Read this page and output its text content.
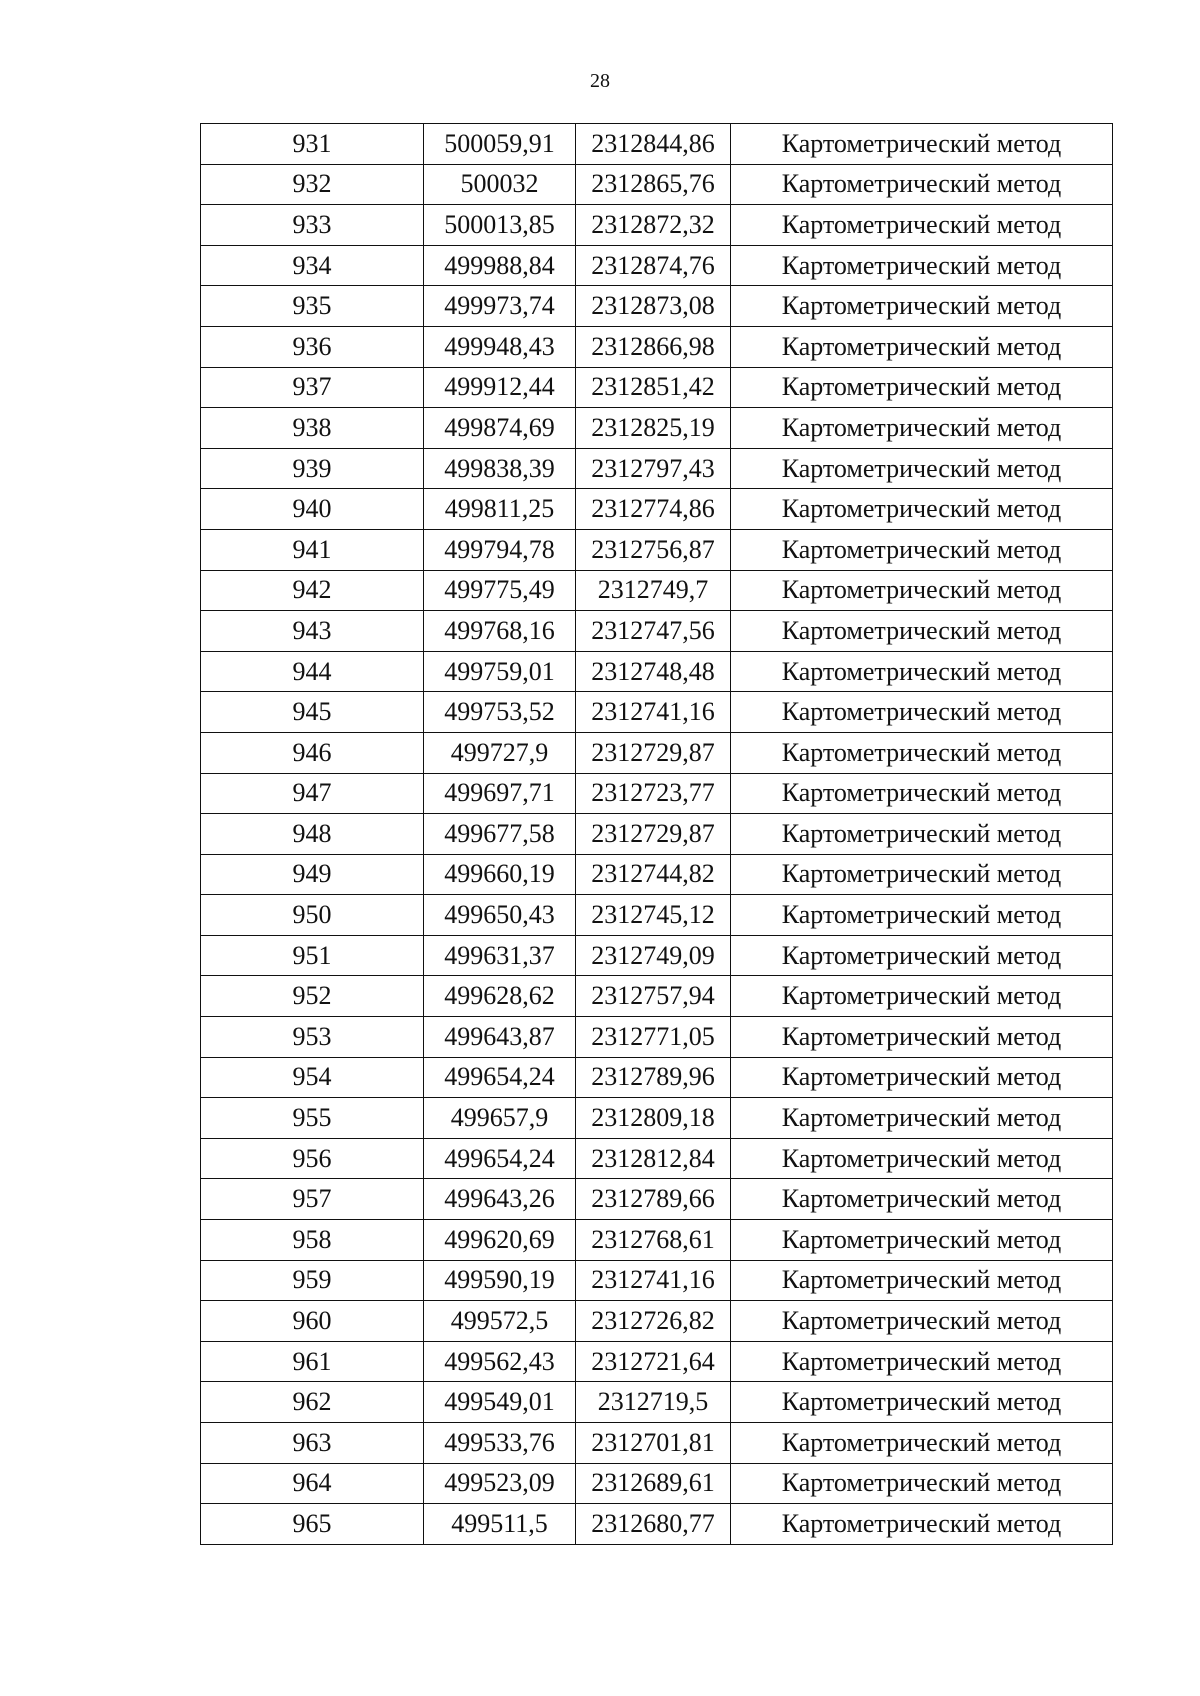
28
931	500059,91	2312844,86	Картометрический метод
932	500032	2312865,76	Картометрический метод
933	500013,85	2312872,32	Картометрический метод
934	499988,84	2312874,76	Картометрический метод
935	499973,74	2312873,08	Картометрический метод
936	499948,43	2312866,98	Картометрический метод
937	499912,44	2312851,42	Картометрический метод
938	499874,69	2312825,19	Картометрический метод
939	499838,39	2312797,43	Картометрический метод
940	499811,25	2312774,86	Картометрический метод
941	499794,78	2312756,87	Картометрический метод
942	499775,49	2312749,7	Картометрический метод
943	499768,16	2312747,56	Картометрический метод
944	499759,01	2312748,48	Картометрический метод
945	499753,52	2312741,16	Картометрический метод
946	499727,9	2312729,87	Картометрический метод
947	499697,71	2312723,77	Картометрический метод
948	499677,58	2312729,87	Картометрический метод
949	499660,19	2312744,82	Картометрический метод
950	499650,43	2312745,12	Картометрический метод
951	499631,37	2312749,09	Картометрический метод
952	499628,62	2312757,94	Картометрический метод
953	499643,87	2312771,05	Картометрический метод
954	499654,24	2312789,96	Картометрический метод
955	499657,9	2312809,18	Картометрический метод
956	499654,24	2312812,84	Картометрический метод
957	499643,26	2312789,66	Картометрический метод
958	499620,69	2312768,61	Картометрический метод
959	499590,19	2312741,16	Картометрический метод
960	499572,5	2312726,82	Картометрический метод
961	499562,43	2312721,64	Картометрический метод
962	499549,01	2312719,5	Картометрический метод
963	499533,76	2312701,81	Картометрический метод
964	499523,09	2312689,61	Картометрический метод
965	499511,5	2312680,77	Картометрический метод
